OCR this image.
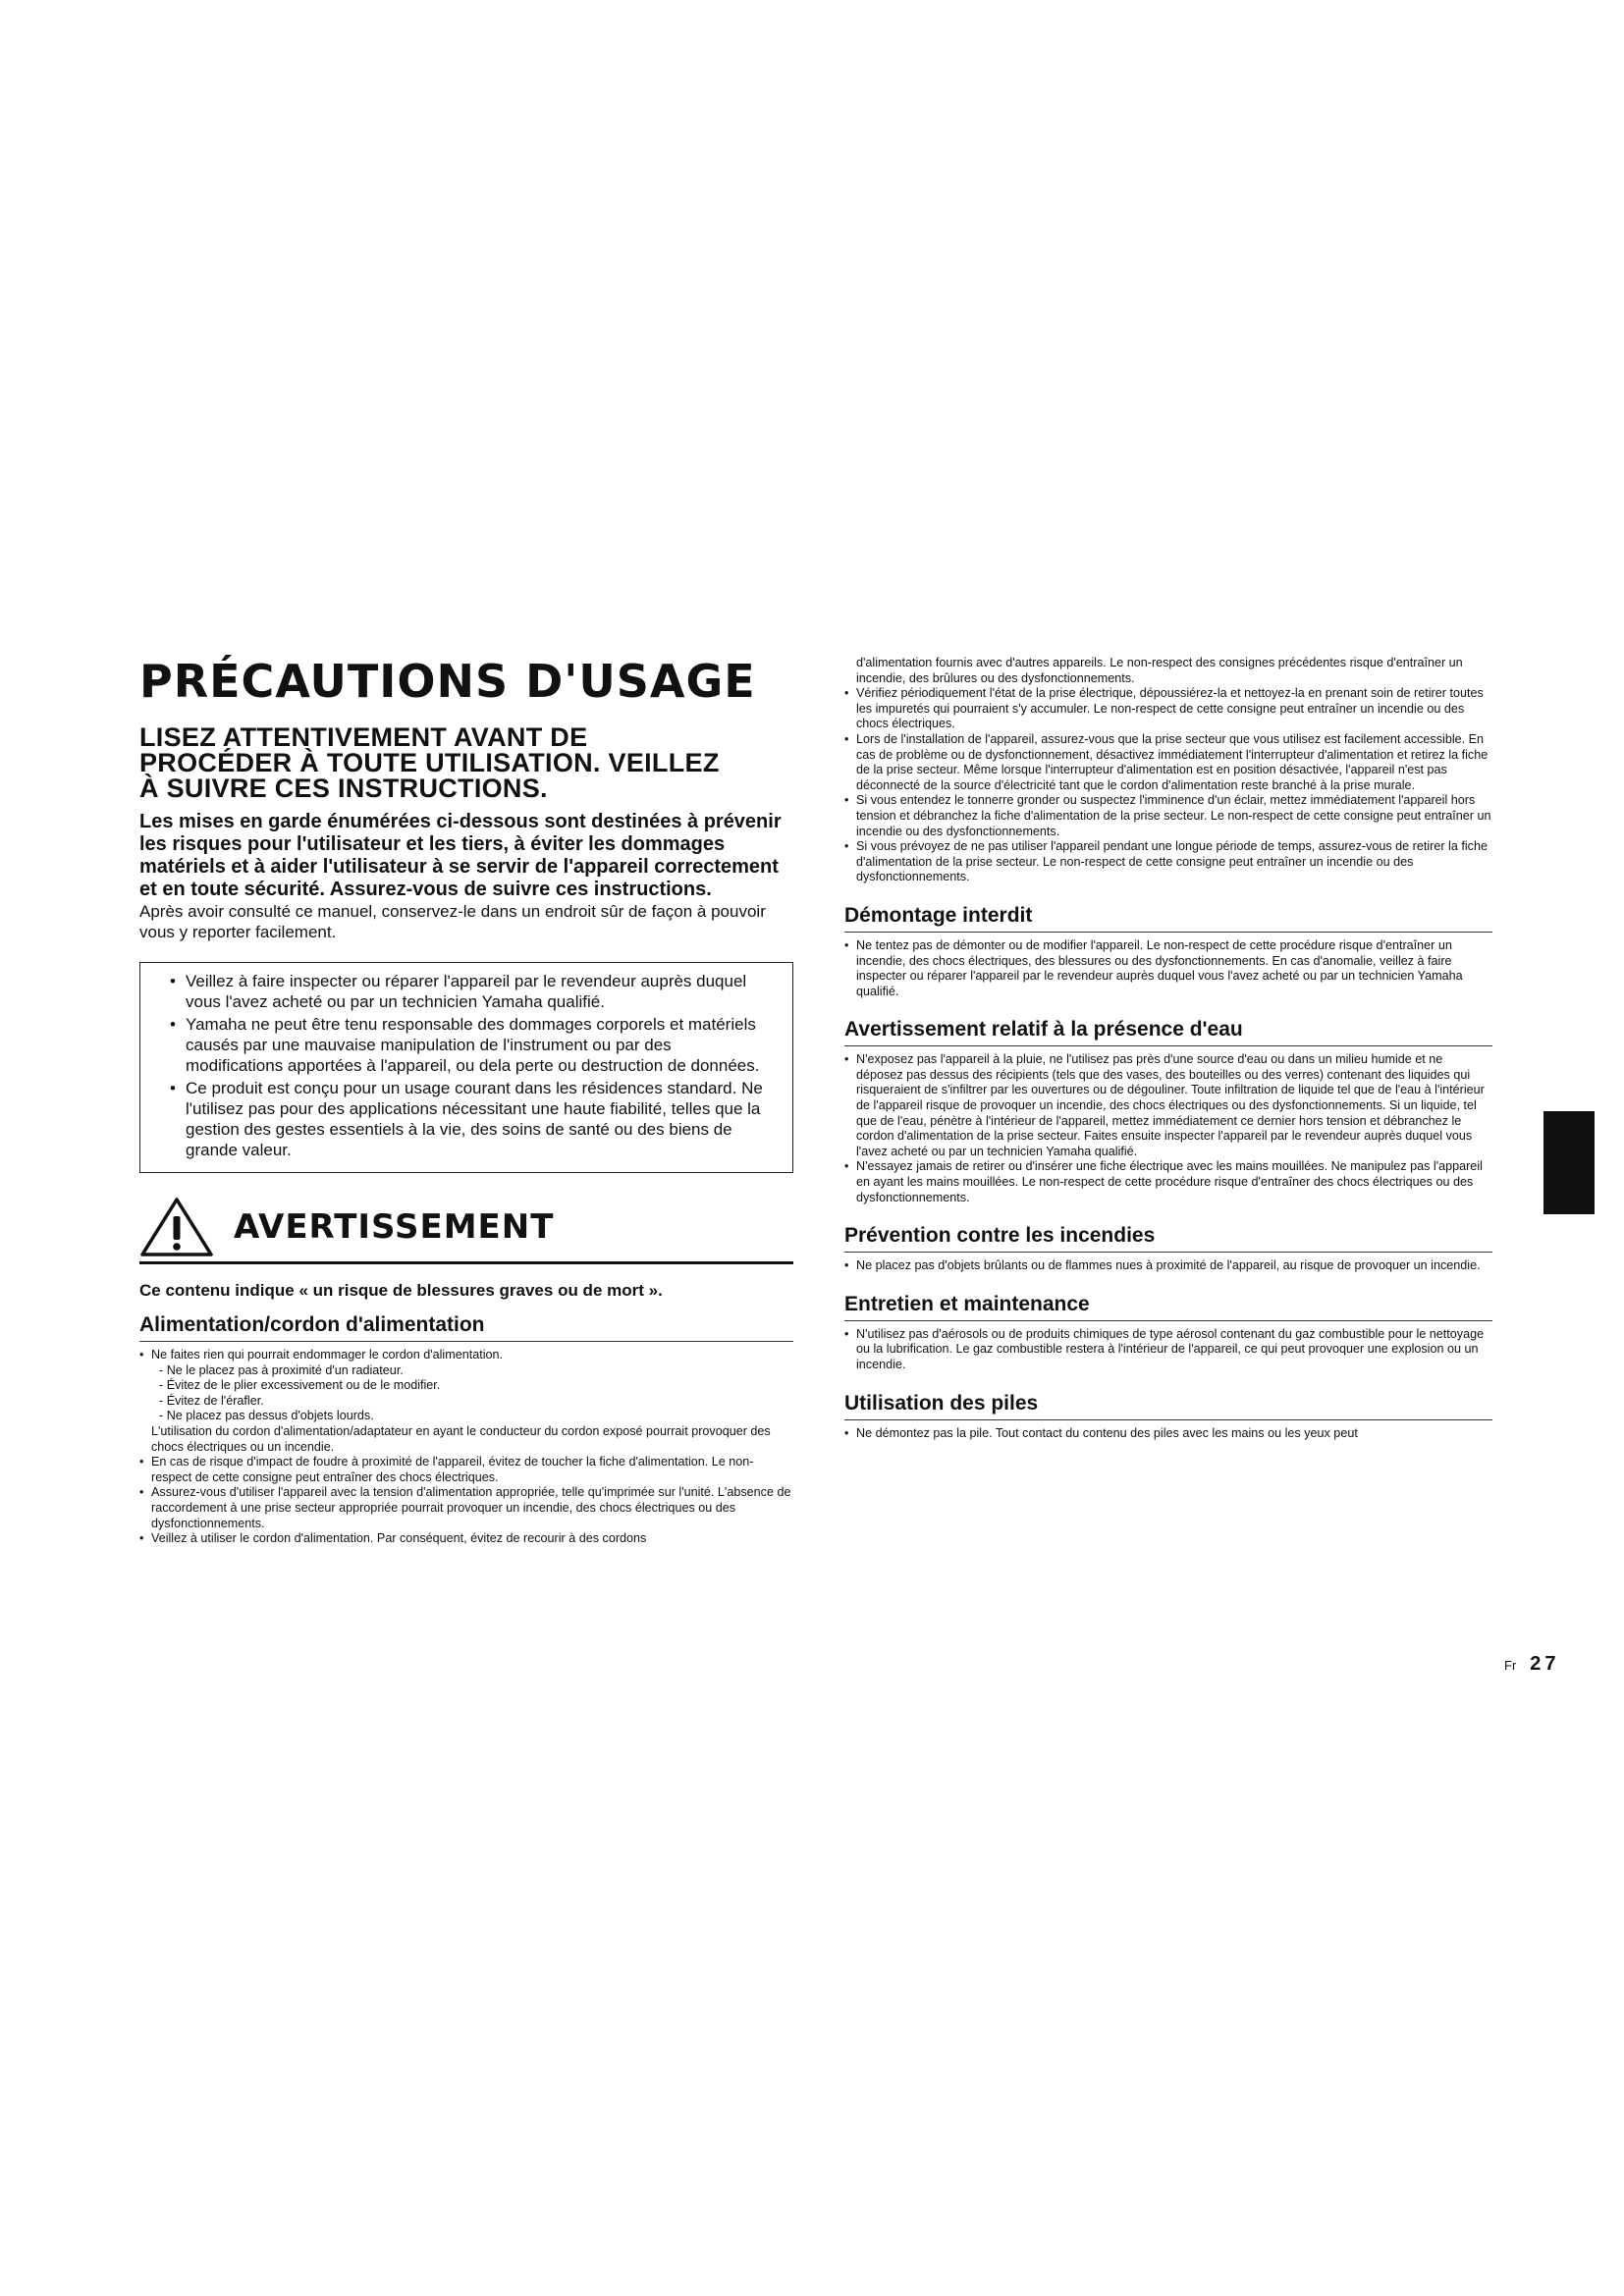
PRÉCAUTIONS D'USAGE
LISEZ ATTENTIVEMENT AVANT DE
PROCÉDER À TOUTE UTILISATION. VEILLEZ
À SUIVRE CES INSTRUCTIONS.

Les mises en garde énumérées ci-dessous sont destinées à prévenir les risques pour l'utilisateur et les tiers, à éviter les dommages matériels et à aider l'utilisateur à se servir de l'appareil correctement et en toute sécurité. Assurez-vous de suivre ces instructions.

Après avoir consulté ce manuel, conservez-le dans un endroit sûr de façon à pouvoir vous y reporter facilement.

• Veillez à faire inspecter ou réparer l'appareil par le revendeur auprès duquel vous l'avez acheté ou par un technicien Yamaha qualifié.
• Yamaha ne peut être tenu responsable des dommages corporels et matériels causés par une mauvaise manipulation de l'instrument ou par des modifications apportées à l'appareil, ou dela perte ou destruction de données.
• Ce produit est conçu pour un usage courant dans les résidences standard. Ne l'utilisez pas pour des applications nécessitant une haute fiabilité, telles que la gestion des gestes essentiels à la vie, des soins de santé ou des biens de grande valeur.
AVERTISSEMENT

Ce contenu indique « un risque de blessures graves ou de mort ».

Alimentation/cordon d'alimentation
• Ne faites rien qui pourrait endommager le cordon d'alimentation.
- Ne le placez pas à proximité d'un radiateur.
- Évitez de le plier excessivement ou de le modifier.
- Évitez de l'érafler.
- Ne placez pas dessus d'objets lourds.
L'utilisation du cordon d'alimentation/adaptateur en ayant le conducteur du cordon exposé pourrait provoquer des chocs électriques ou un incendie.
• En cas de risque d'impact de foudre à proximité de l'appareil, évitez de toucher la fiche d'alimentation. Le non-respect de cette consigne peut entraîner des chocs électriques.
• Assurez-vous d'utiliser l'appareil avec la tension d'alimentation appropriée, telle qu'imprimée sur l'unité. L'absence de raccordement à une prise secteur appropriée pourrait provoquer un incendie, des chocs électriques ou des dysfonctionnements.
• Veillez à utiliser le cordon d'alimentation. Par conséquent, évitez de recourir à des cordons
d'alimentation fournis avec d'autres appareils. Le non-respect des consignes précédentes risque d'entraîner un incendie, des brûlures ou des dysfonctionnements.
• Vérifiez périodiquement l'état de la prise électrique, dépoussiérez-la et nettoyez-la en prenant soin de retirer toutes les impuretés qui pourraient s'y accumuler. Le non-respect de cette consigne peut entraîner un incendie ou des chocs électriques.
• Lors de l'installation de l'appareil, assurez-vous que la prise secteur que vous utilisez est facilement accessible. En cas de problème ou de dysfonctionnement, désactivez immédiatement l'interrupteur d'alimentation et retirez la fiche de la prise secteur. Même lorsque l'interrupteur d'alimentation est en position désactivée, l'appareil n'est pas déconnecté de la source d'électricité tant que le cordon d'alimentation reste branché à la prise murale.
• Si vous entendez le tonnerre gronder ou suspectez l'imminence d'un éclair, mettez immédiatement l'appareil hors tension et débranchez la fiche d'alimentation de la prise secteur. Le non-respect de cette consigne peut entraîner un incendie ou des dysfonctionnements.
• Si vous prévoyez de ne pas utiliser l'appareil pendant une longue période de temps, assurez-vous de retirer la fiche d'alimentation de la prise secteur. Le non-respect de cette consigne peut entraîner un incendie ou des dysfonctionnements.
Démontage interdit
• Ne tentez pas de démonter ou de modifier l'appareil. Le non-respect de cette procédure risque d'entraîner un incendie, des chocs électriques, des blessures ou des dysfonctionnements. En cas d'anomalie, veillez à faire inspecter ou réparer l'appareil par le revendeur auprès duquel vous l'avez acheté ou par un technicien Yamaha qualifié.
Avertissement relatif à la présence d'eau
• N'exposez pas l'appareil à la pluie, ne l'utilisez pas près d'une source d'eau ou dans un milieu humide et ne déposez pas dessus des récipients (tels que des vases, des bouteilles ou des verres) contenant des liquides qui risqueraient de s'infiltrer par les ouvertures ou de dégouliner. Toute infiltration de liquide tel que de l'eau à l'intérieur de l'appareil risque de provoquer un incendie, des chocs électriques ou des dysfonctionnements. Si un liquide, tel que de l'eau, pénètre à l'intérieur de l'appareil, mettez immédiatement ce dernier hors tension et débranchez le cordon d'alimentation de la prise secteur. Faites ensuite inspecter l'appareil par le revendeur auprès duquel vous l'avez acheté ou par un technicien Yamaha qualifié.
• N'essayez jamais de retirer ou d'insérer une fiche électrique avec les mains mouillées. Ne manipulez pas l'appareil en ayant les mains mouillées. Le non-respect de cette procédure risque d'entraîner des chocs électriques ou des dysfonctionnements.
Prévention contre les incendies
• Ne placez pas d'objets brûlants ou de flammes nues à proximité de l'appareil, au risque de provoquer un incendie.
Entretien et maintenance
• N'utilisez pas d'aérosols ou de produits chimiques de type aérosol contenant du gaz combustible pour le nettoyage ou la lubrification. Le gaz combustible restera à l'intérieur de l'appareil, ce qui peut provoquer une explosion ou un incendie.
Utilisation des piles
• Ne démontez pas la pile. Tout contact du contenu des piles avec les mains ou les yeux peut
Fr 27
